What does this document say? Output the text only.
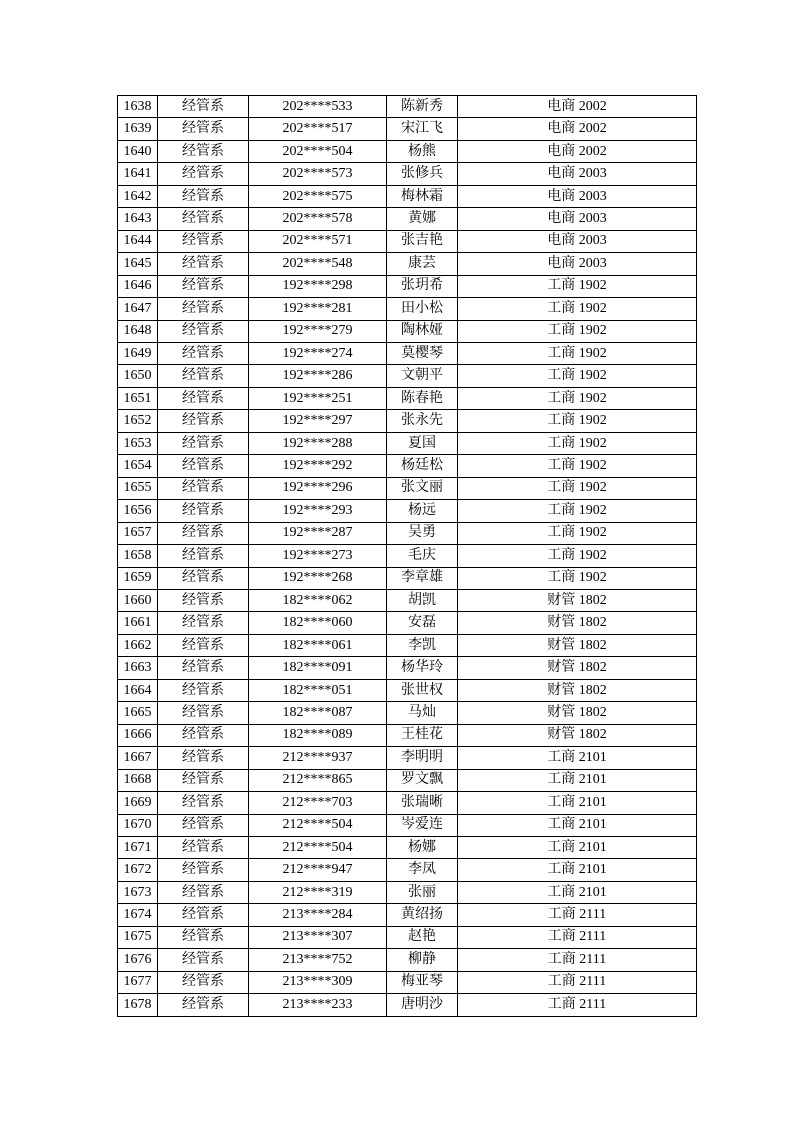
1638	经管系	202****533	陈新秀	电商 2002
1639	经管系	202****517	宋江飞	电商 2002
1640	经管系	202****504	杨熊	电商 2002
1641	经管系	202****573	张修兵	电商 2003
1642	经管系	202****575	梅林霜	电商 2003
1643	经管系	202****578	黄娜	电商 2003
1644	经管系	202****571	张吉艳	电商 2003
1645	经管系	202****548	康芸	电商 2003
1646	经管系	192****298	张玥希	工商 1902
1647	经管系	192****281	田小松	工商 1902
1648	经管系	192****279	陶林娅	工商 1902
1649	经管系	192****274	莫樱琴	工商 1902
1650	经管系	192****286	文朝平	工商 1902
1651	经管系	192****251	陈春艳	工商 1902
1652	经管系	192****297	张永先	工商 1902
1653	经管系	192****288	夏国	工商 1902
1654	经管系	192****292	杨廷松	工商 1902
1655	经管系	192****296	张文丽	工商 1902
1656	经管系	192****293	杨远	工商 1902
1657	经管系	192****287	吴勇	工商 1902
1658	经管系	192****273	毛庆	工商 1902
1659	经管系	192****268	李章雄	工商 1902
1660	经管系	182****062	胡凯	财管 1802
1661	经管系	182****060	安磊	财管 1802
1662	经管系	182****061	李凯	财管 1802
1663	经管系	182****091	杨华玲	财管 1802
1664	经管系	182****051	张世权	财管 1802
1665	经管系	182****087	马灿	财管 1802
1666	经管系	182****089	王桂花	财管 1802
1667	经管系	212****937	李明明	工商 2101
1668	经管系	212****865	罗文飘	工商 2101
1669	经管系	212****703	张瑞晰	工商 2101
1670	经管系	212****504	岑爱连	工商 2101
1671	经管系	212****504	杨娜	工商 2101
1672	经管系	212****947	李凤	工商 2101
1673	经管系	212****319	张丽	工商 2101
1674	经管系	213****284	黄绍扬	工商 2111
1675	经管系	213****307	赵艳	工商 2111
1676	经管系	213****752	柳静	工商 2111
1677	经管系	213****309	梅亚琴	工商 2111
1678	经管系	213****233	唐明沙	工商 2111
